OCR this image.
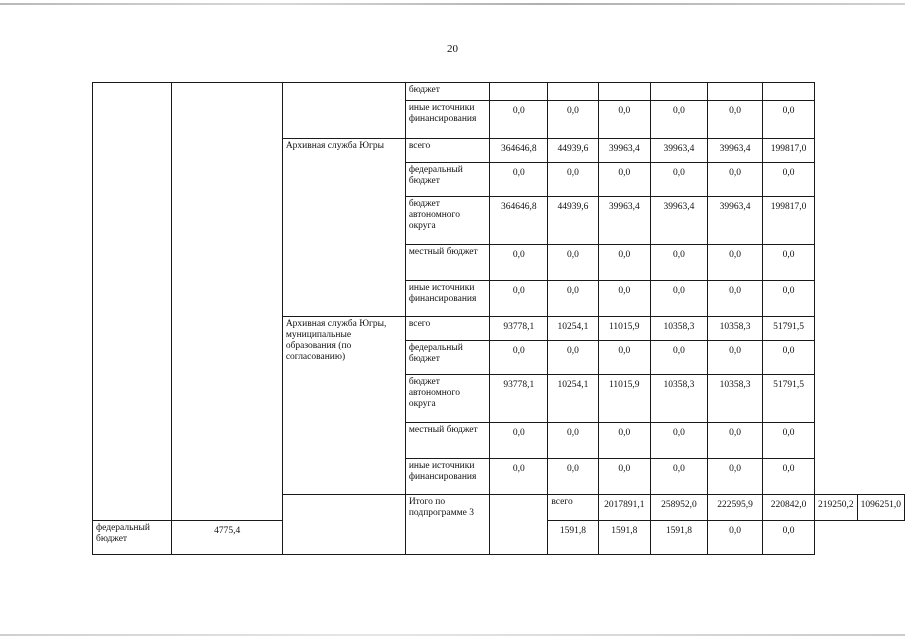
20
			бюджет								
			иные источники финансирования	0,0	0,0	0,0	0,0	0,0	0,0		
		Архивная служба Югры	всего	364646,8	44939,6	39963,4	39963,4	39963,4	199817,0		
			федеральный бюджет	0,0	0,0	0,0	0,0	0,0	0,0		
			бюджет автономного округа	364646,8	44939,6	39963,4	39963,4	39963,4	199817,0		
			местный бюджет	0,0	0,0	0,0	0,0	0,0	0,0		
			иные источники финансирования	0,0	0,0	0,0	0,0	0,0	0,0		
		Архивная служба Югры, муниципальные образования (по согласованию)	всего	93778,1	10254,1	11015,9	10358,3	10358,3	51791,5		
			федеральный бюджет	0,0	0,0	0,0	0,0	0,0	0,0		
			бюджет автономного округа	93778,1	10254,1	11015,9	10358,3	10358,3	51791,5		
			местный бюджет	0,0	0,0	0,0	0,0	0,0	0,0		
			иные источники финансирования	0,0	0,0	0,0	0,0	0,0	0,0		
			Итого по подпрограмме 3		всего	2017891,1	258952,0	222595,9	220842,0	219250,2	1096251,0
федеральный бюджет	4775,4				1591,8	1591,8	1591,8	0,0	0,0		
